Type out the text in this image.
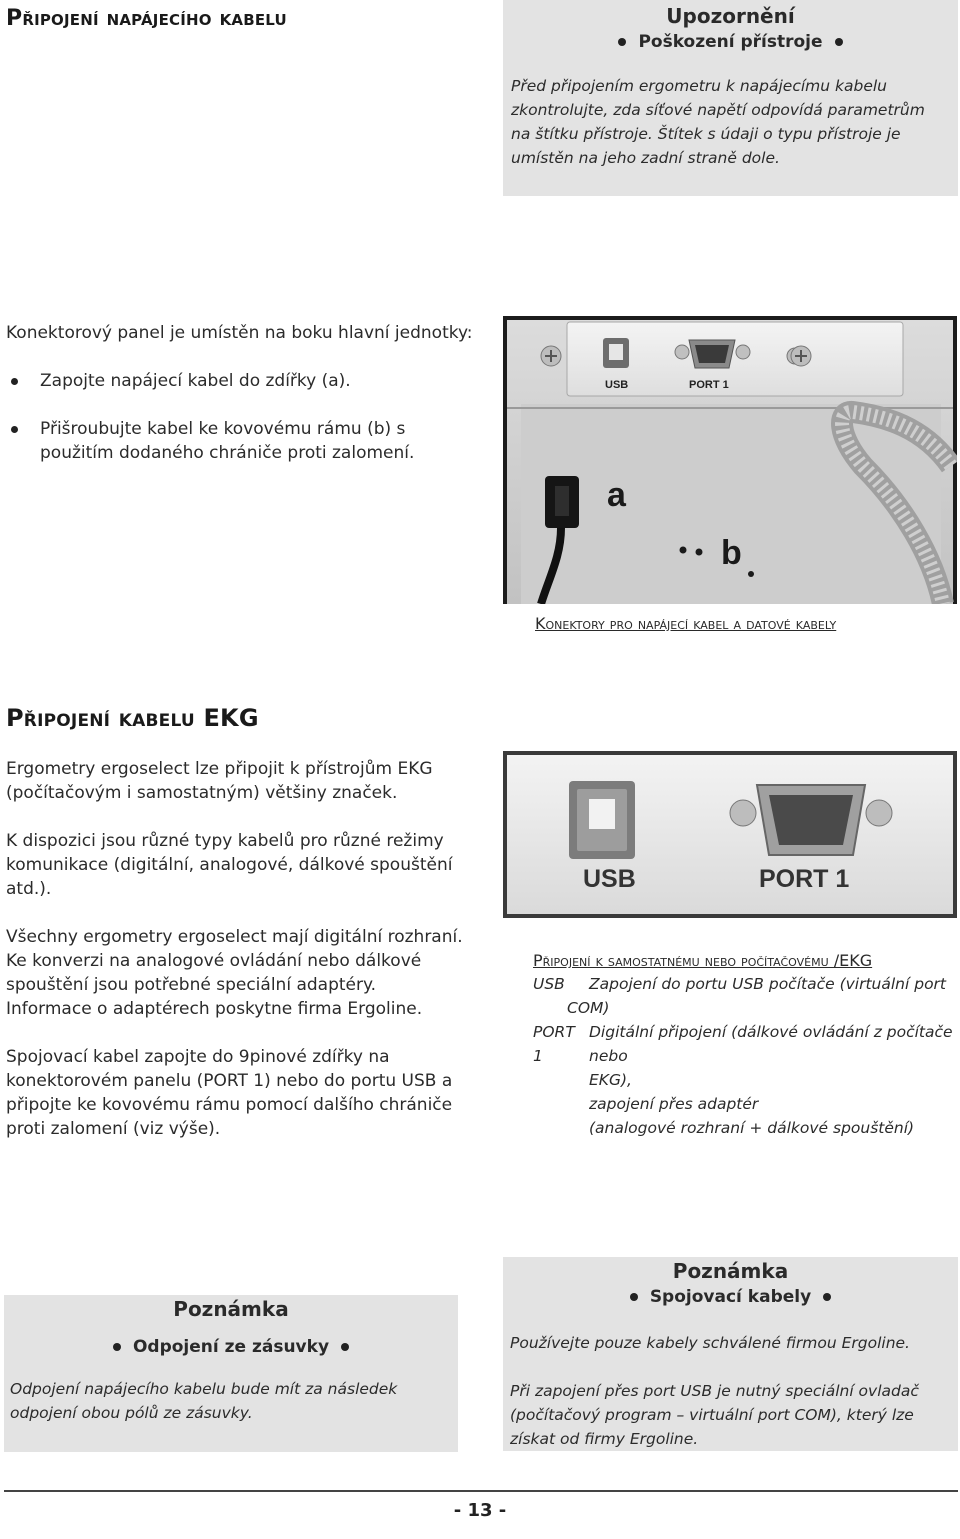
Připojení napájecího kabelu	Upozornění
Poškození přístroje
Před připojením ergometru k napájecímu kabelu zkontrolujte, zda síťové napětí odpovídá parametrům na štítku přístroje. Štítek s údaji o typu přístroje je umístěn na jeho zadní straně dole.
Konektorový panel je umístěn na boku hlavní jednotky:
Zapojte napájecí kabel do zdířky (a).
Přišroubujte kabel ke kovovému rámu (b) s použitím dodaného chrániče proti zalomení.
USB	PORT 1
a
b
Konektory pro napájecí kabel a datové kabely
Připojení kabelu EKG

Ergometry ergoselect lze připojit k přístrojům EKG (počítačovým i samostatným) většiny značek.

K dispozici jsou různé typy kabelů pro různé režimy komunikace (digitální, analogové, dálkové spouštění atd.).

Všechny ergometry ergoselect mají digitální rozhraní. Ke konverzi na analogové ovládání nebo dálkové spouštění jsou potřebné speciální adaptéry. Informace o adaptérech poskytne firma Ergoline.

Spojovací kabel zapojte do 9pinové zdířky na konektorovém panelu (PORT 1) nebo do portu USB a připojte ke kovovému rámu pomocí dalšího chrániče proti zalomení (viz výše).

USB	PORT 1
Připojení k samostatnému nebo počítačovému /EKG
USB	Zapojení do portu USB počítače (virtuální port
COM)
PORT 1
Digitální připojení (dálkové ovládání z počítače nebo
EKG),
zapojení přes adaptér
(analogové rozhraní + dálkové spouštění)
Poznámka
Odpojení ze zásuvky
Odpojení napájecího kabelu bude mít za následek odpojení obou pólů ze zásuvky.
Poznámka
Spojovací kabely
Používejte pouze kabely schválené firmou Ergoline.
Při zapojení přes port USB je nutný speciální ovladač (počítačový program – virtuální port COM), který lze získat od firmy Ergoline.
- 13 -
